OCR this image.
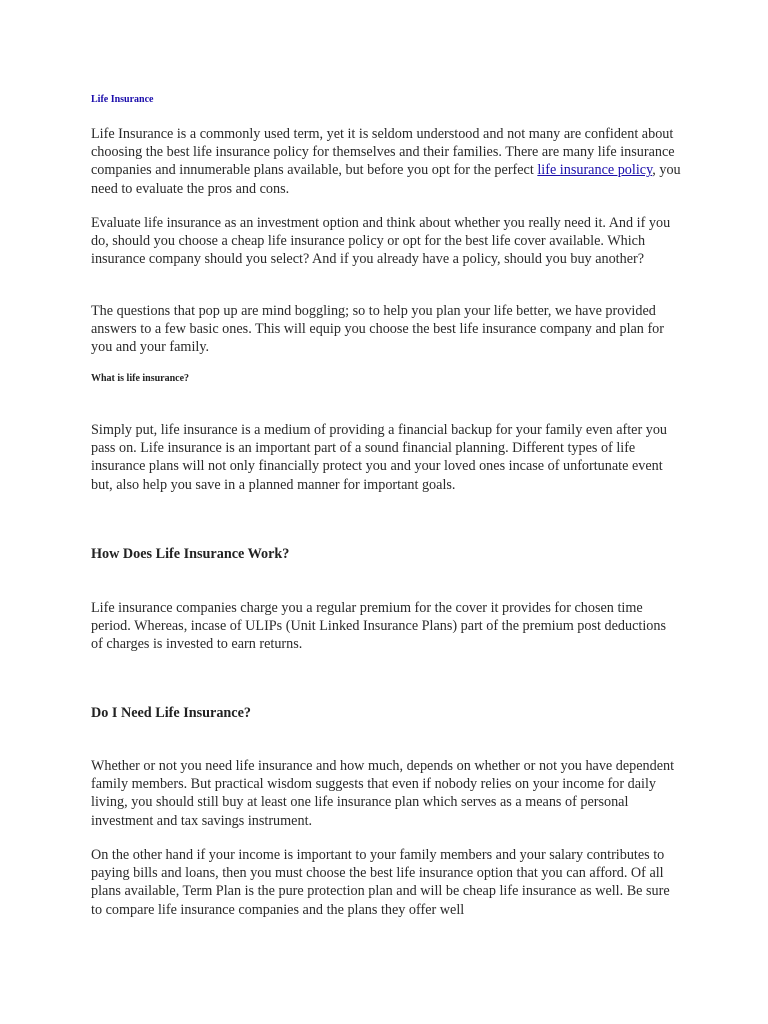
Life Insurance

Life Insurance is a commonly used term, yet it is seldom understood and not many are confident about choosing the best life insurance policy for themselves and their families. There are many life insurance companies and innumerable plans available, but before you opt for the perfect life insurance policy, you need to evaluate the pros and cons.

Evaluate life insurance as an investment option and think about whether you really need it. And if you do, should you choose a cheap life insurance policy or opt for the best life cover available. Which insurance company should you select? And if you already have a policy, should you buy another?

The questions that pop up are mind boggling; so to help you plan your life better, we have provided answers to a few basic ones. This will equip you choose the best life insurance company and plan for you and your family.

What is life insurance?

Simply put, life insurance is a medium of providing a financial backup for your family even after you pass on. Life insurance is an important part of a sound financial planning. Different types of life insurance plans will not only financially protect you and your loved ones incase of unfortunate event but, also help you save in a planned manner for important goals.

How Does Life Insurance Work?

Life insurance companies charge you a regular premium for the cover it provides for chosen time period. Whereas, incase of ULIPs (Unit Linked Insurance Plans) part of the premium post deductions of charges is invested to earn returns.

Do I Need Life Insurance?

Whether or not you need life insurance and how much, depends on whether or not you have dependent family members. But practical wisdom suggests that even if nobody relies on your income for daily living, you should still buy at least one life insurance plan which serves as a means of personal investment and tax savings instrument.

On the other hand if your income is important to your family members and your salary contributes to paying bills and loans, then you must choose the best life insurance option that you can afford. Of all plans available, Term Plan is the pure protection plan and will be cheap life insurance as well. Be sure to compare life insurance companies and the plans they offer well
